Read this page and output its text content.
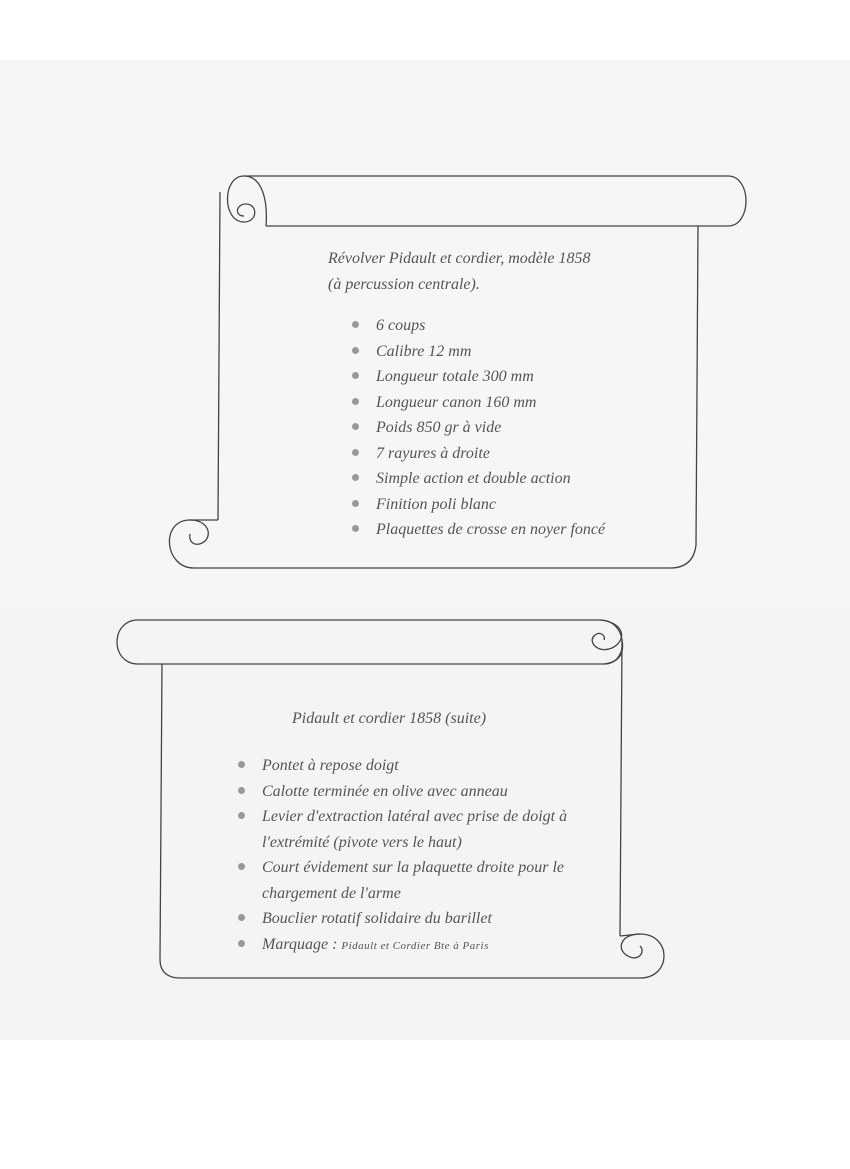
Révolver Pidault et cordier, modèle 1858

(à percussion centrale).

6 coups
Calibre 12 mm
Longueur totale 300 mm
Longueur canon 160 mm
Poids 850 gr à vide
7 rayures à droite
Simple action et double action
Finition poli blanc
Plaquettes de crosse en noyer foncé
Pidault et cordier 1858 (suite)
Pontet à repose doigt
Calotte terminée en olive avec anneau
Levier d'extraction latéral avec prise de doigt à
l'extrémité (pivote vers le haut)
Court évidement sur la plaquette droite pour le
chargement de l'arme
Bouclier rotatif solidaire du barillet
Marquage : Pidault et Cordier Bte à Paris
